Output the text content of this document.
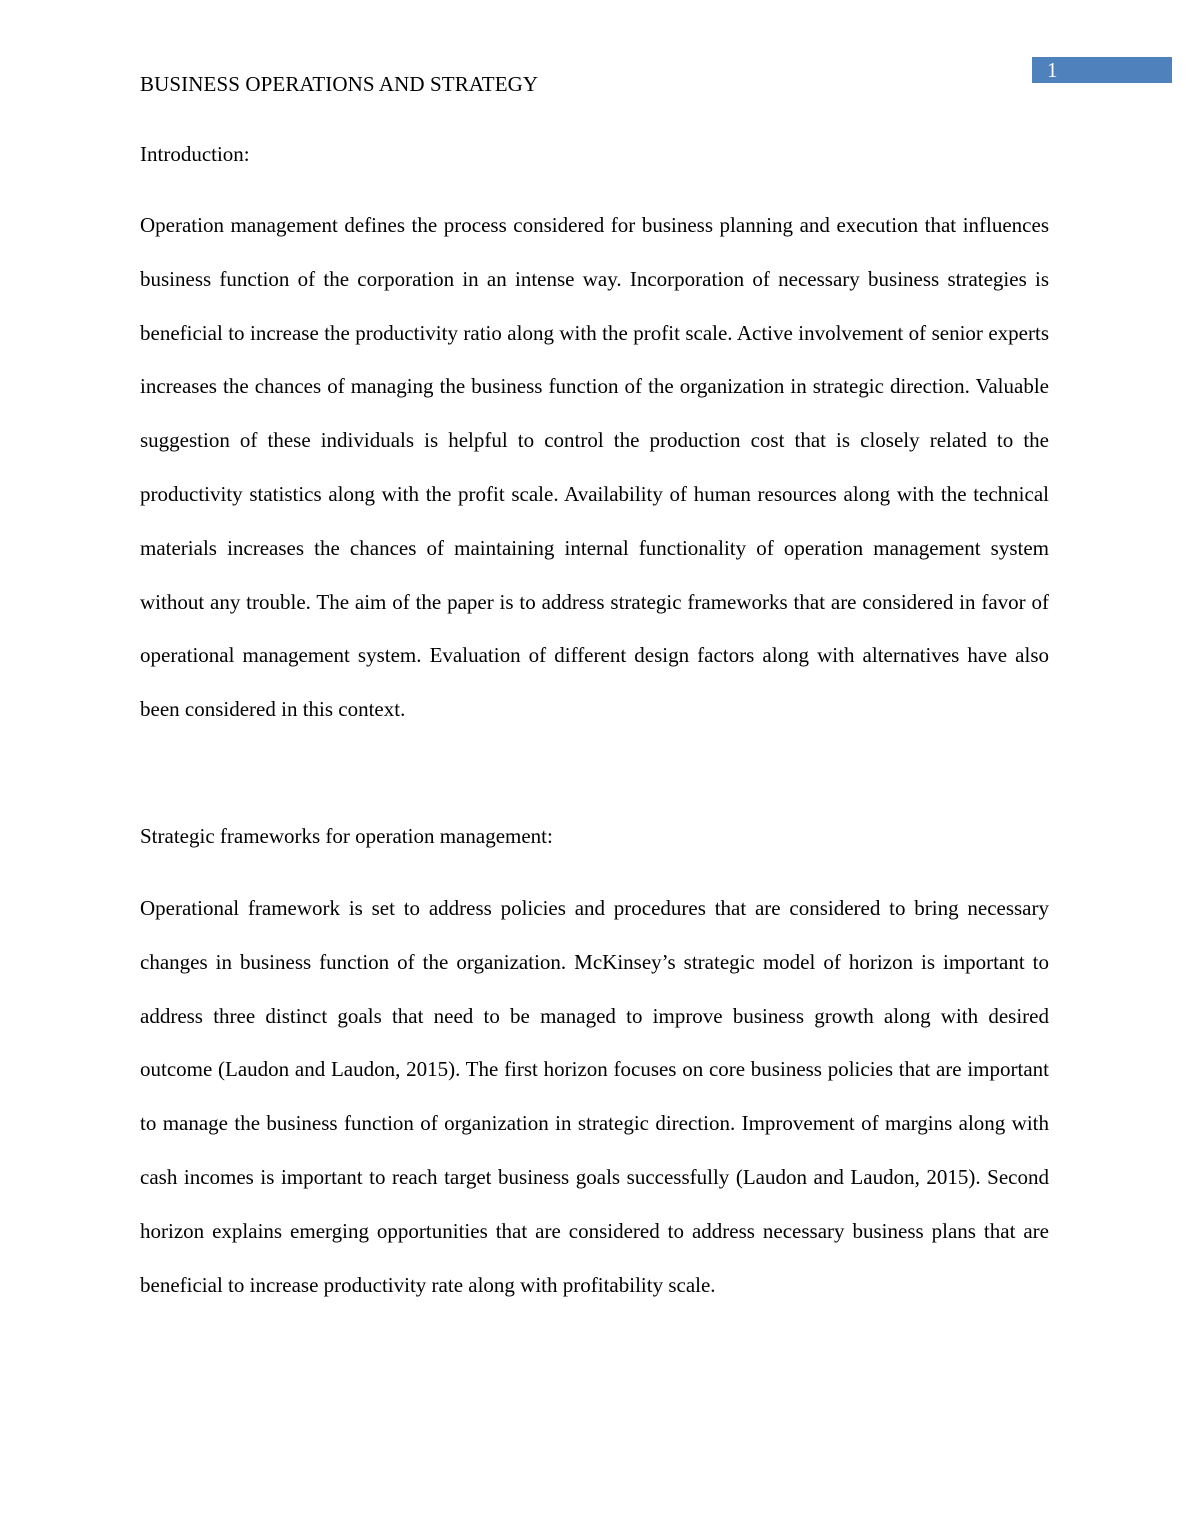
1
BUSINESS OPERATIONS AND STRATEGY
Introduction:
Operation management defines the process considered for business planning and execution that influences business function of the corporation in an intense way. Incorporation of necessary business strategies is beneficial to increase the productivity ratio along with the profit scale. Active involvement of senior experts increases the chances of managing the business function of the organization in strategic direction. Valuable suggestion of these individuals is helpful to control the production cost that is closely related to the productivity statistics along with the profit scale. Availability of human resources along with the technical materials increases the chances of maintaining internal functionality of operation management system without any trouble. The aim of the paper is to address strategic frameworks that are considered in favor of operational management system. Evaluation of different design factors along with alternatives have also been considered in this context.
Strategic frameworks for operation management:
Operational framework is set to address policies and procedures that are considered to bring necessary changes in business function of the organization. McKinsey’s strategic model of horizon is important to address three distinct goals that need to be managed to improve business growth along with desired outcome (Laudon and Laudon, 2015). The first horizon focuses on core business policies that are important to manage the business function of organization in strategic direction. Improvement of margins along with cash incomes is important to reach target business goals successfully (Laudon and Laudon, 2015). Second horizon explains emerging opportunities that are considered to address necessary business plans that are beneficial to increase productivity rate along with profitability scale.
